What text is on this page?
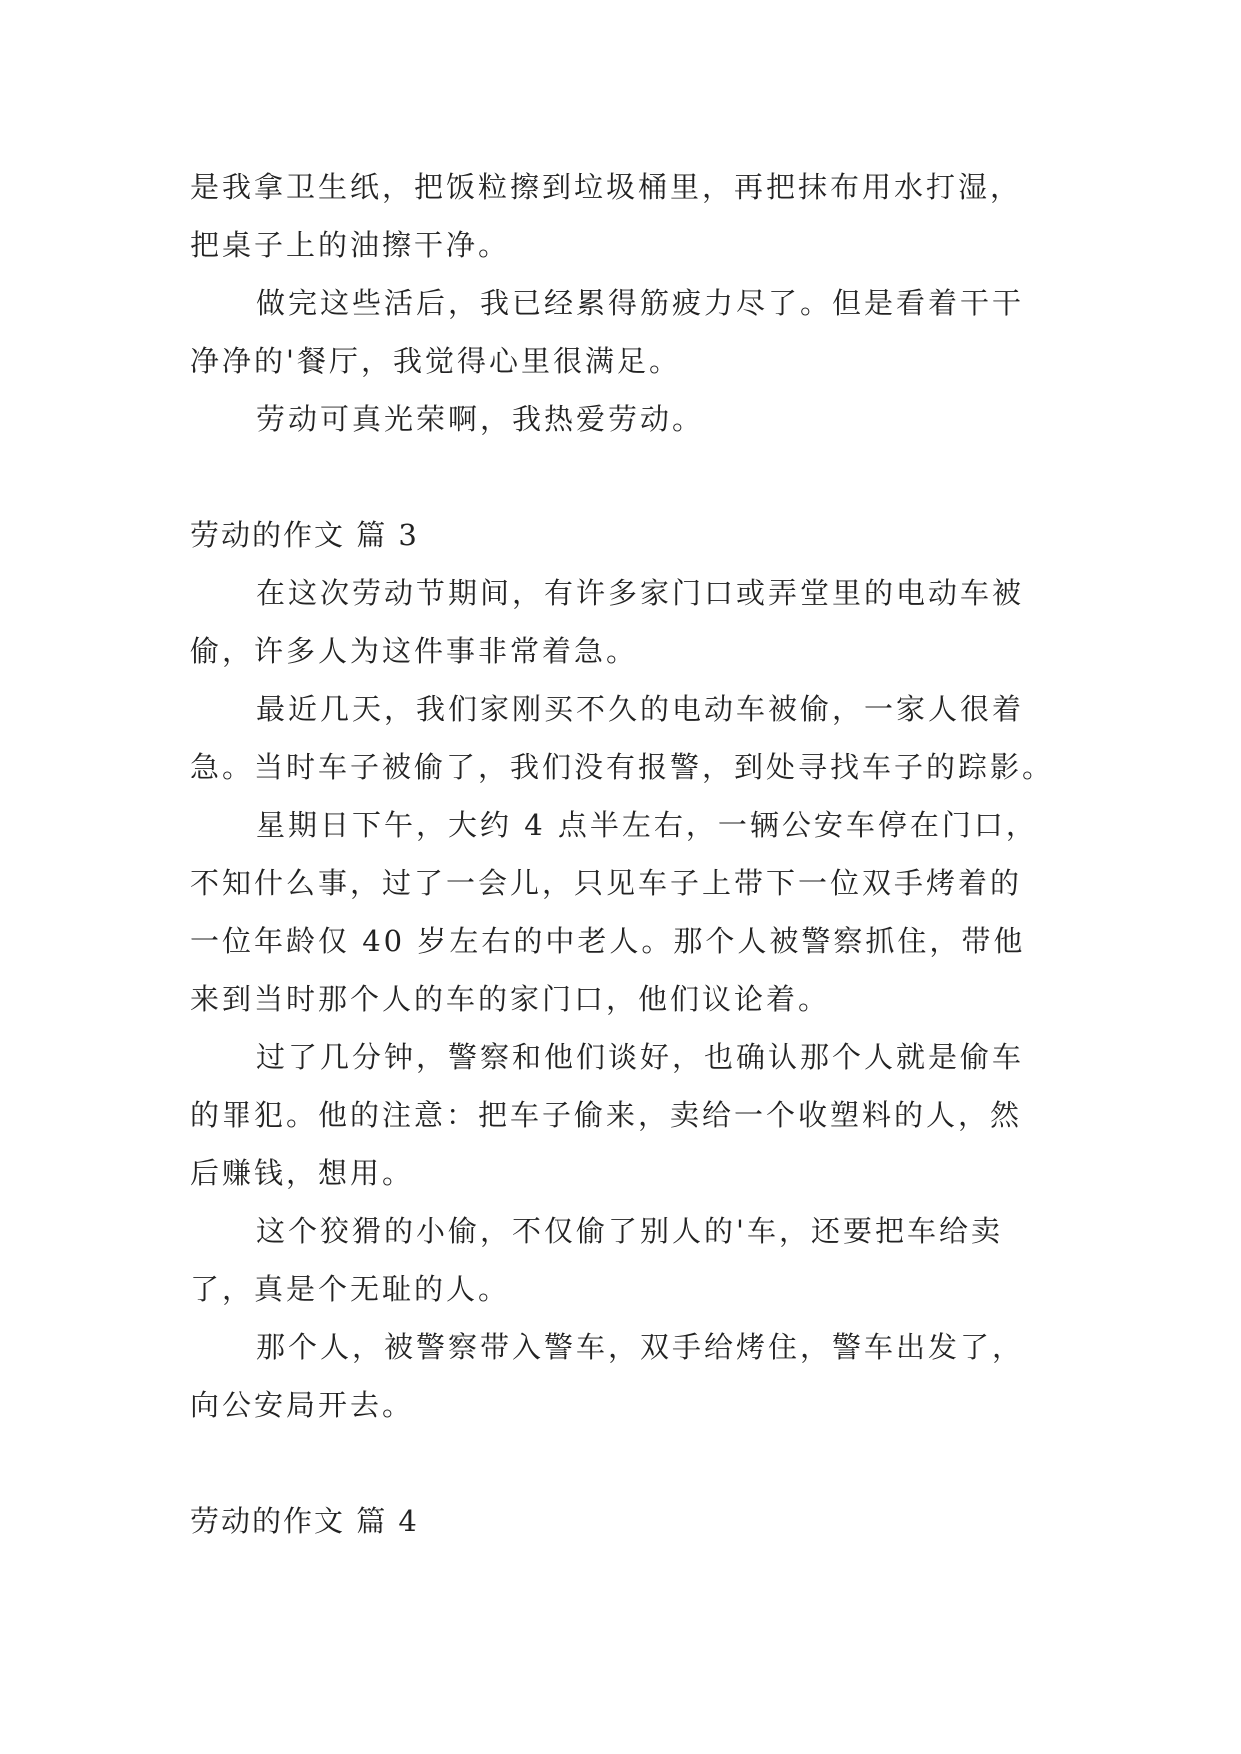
是我拿卫生纸，把饭粒擦到垃圾桶里，再把抹布用水打湿，
把桌子上的油擦干净。
做完这些活后，我已经累得筋疲力尽了。但是看着干干
净净的'餐厅，我觉得心里很满足。
劳动可真光荣啊，我热爱劳动。
劳动的作文 篇 3
在这次劳动节期间，有许多家门口或弄堂里的电动车被
偷，许多人为这件事非常着急。
最近几天，我们家刚买不久的电动车被偷，一家人很着
急。当时车子被偷了，我们没有报警，到处寻找车子的踪影。
星期日下午，大约 4 点半左右，一辆公安车停在门口，
不知什么事，过了一会儿，只见车子上带下一位双手烤着的
一位年龄仅 40 岁左右的中老人。那个人被警察抓住，带他
来到当时那个人的车的家门口，他们议论着。
过了几分钟，警察和他们谈好，也确认那个人就是偷车
的罪犯。他的注意：把车子偷来，卖给一个收塑料的人，然
后赚钱，想用。
这个狡猾的小偷，不仅偷了别人的'车，还要把车给卖
了，真是个无耻的人。
那个人，被警察带入警车，双手给烤住，警车出发了，
向公安局开去。
劳动的作文 篇 4
